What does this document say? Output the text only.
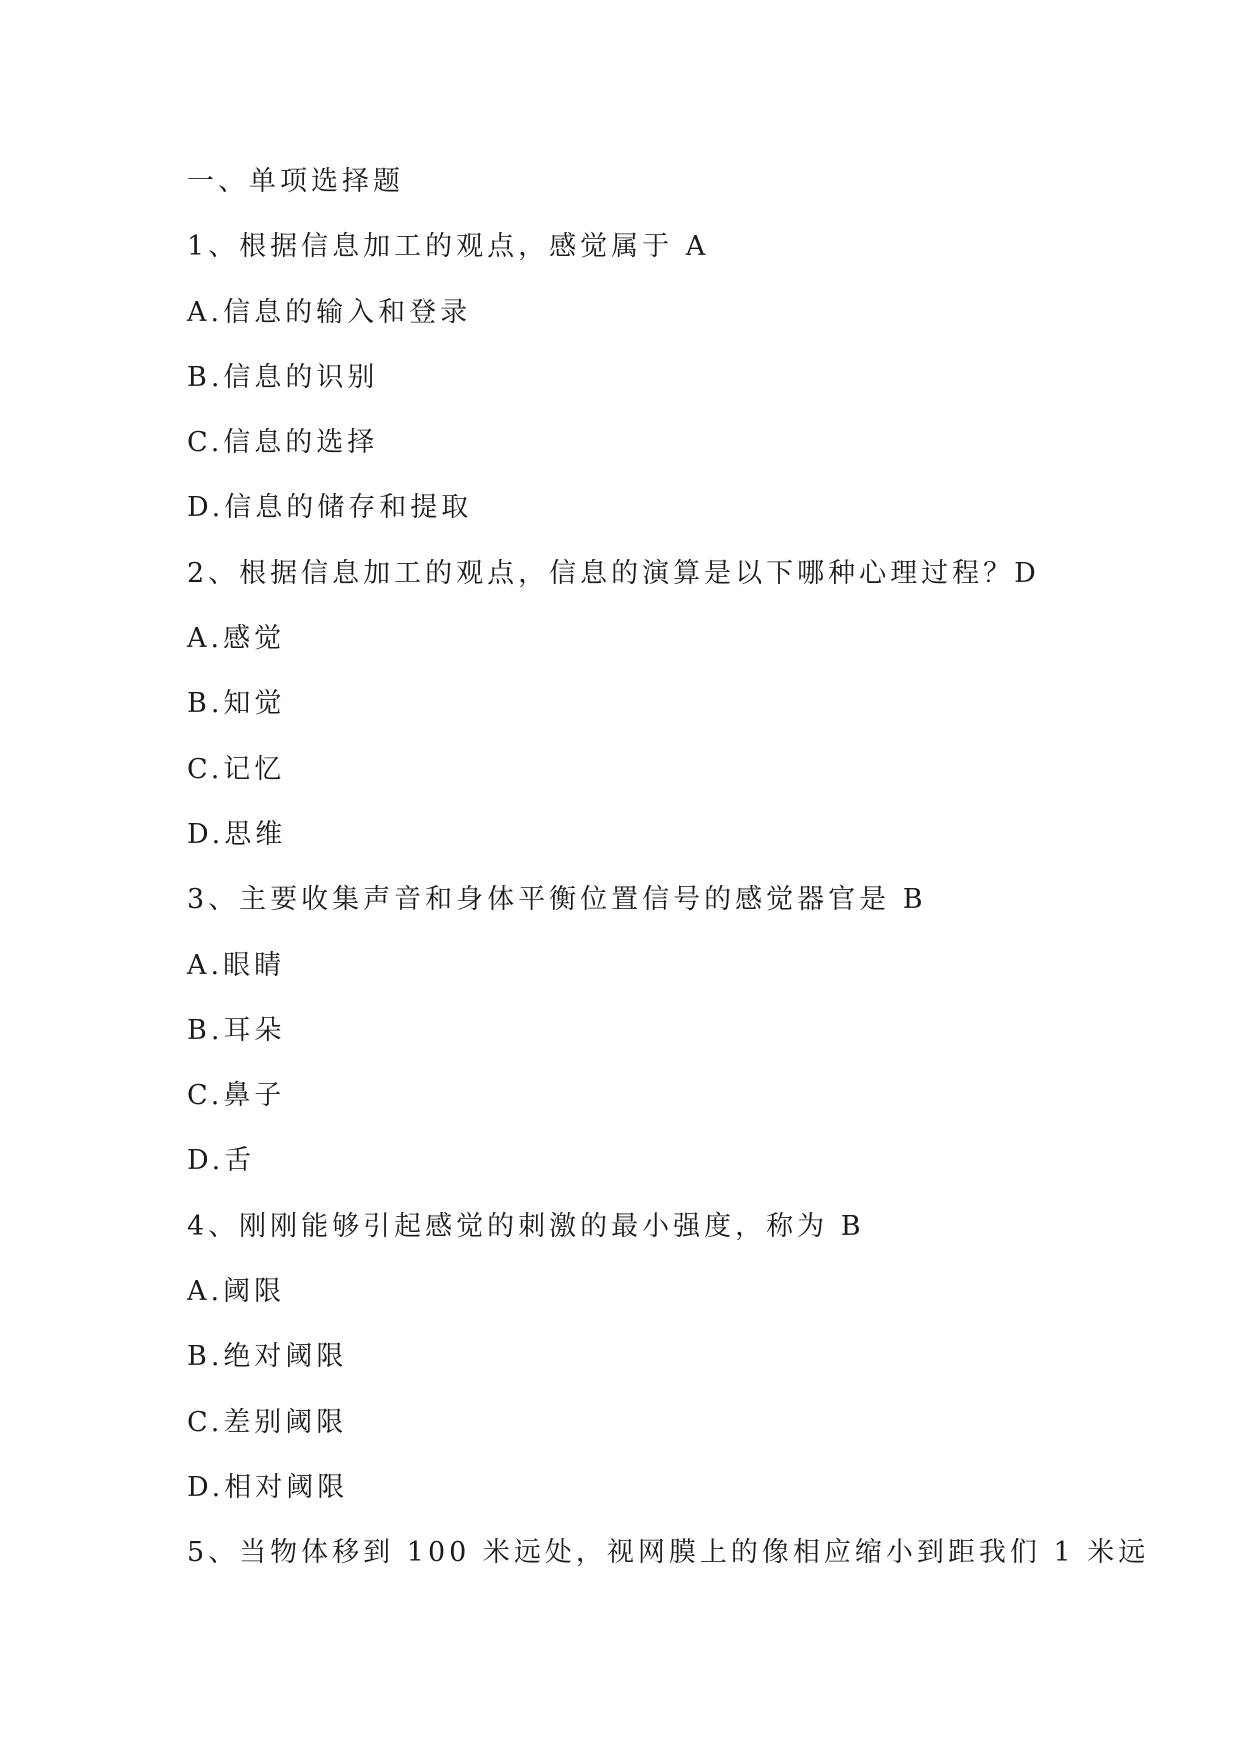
一、单项选择题
1、根据信息加工的观点，感觉属于 A
A.信息的输入和登录
B.信息的识别
C.信息的选择
D.信息的储存和提取
2、根据信息加工的观点，信息的演算是以下哪种心理过程？D
A.感觉
B.知觉
C.记忆
D.思维
3、主要收集声音和身体平衡位置信号的感觉器官是 B
A.眼睛
B.耳朵
C.鼻子
D.舌
4、刚刚能够引起感觉的刺激的最小强度，称为 B
A.阈限
B.绝对阈限
C.差别阈限
D.相对阈限
5、当物体移到 100 米远处，视网膜上的像相应缩小到距我们 1 米远
